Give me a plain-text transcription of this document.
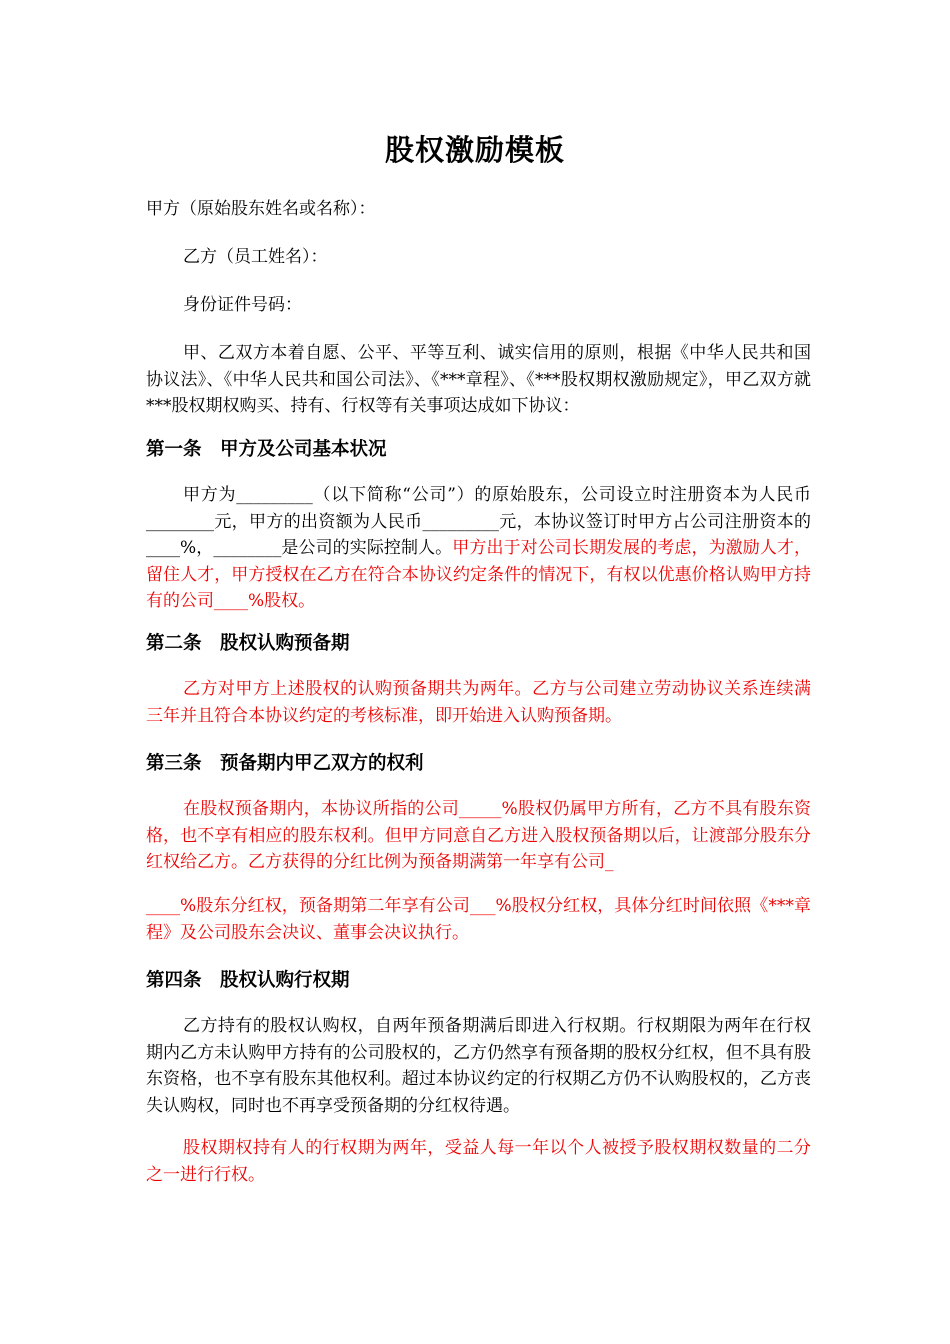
股权激励模板
甲方（原始股东姓名或名称）：
乙方（员工姓名）：
身份证件号码：
甲、乙双方本着自愿、公平、平等互利、诚实信用的原则，根据《中华人民共和国协议法》、《中华人民共和国公司法》、《***章程》、《***股权期权激励规定》，甲乙双方就***股权期权购买、持有、行权等有关事项达成如下协议：
第一条　甲方及公司基本状况
甲方为_________（以下简称“公司”）的原始股东，公司设立时注册资本为人民币________元，甲方的出资额为人民币_________元，本协议签订时甲方占公司注册资本的____%，________是公司的实际控制人。甲方出于对公司长期发展的考虑，为激励人才，留住人才，甲方授权在乙方在符合本协议约定条件的情况下，有权以优惠价格认购甲方持有的公司____%股权。
第二条　股权认购预备期
乙方对甲方上述股权的认购预备期共为两年。乙方与公司建立劳动协议关系连续满三年并且符合本协议约定的考核标准，即开始进入认购预备期。
第三条　预备期内甲乙双方的权利
在股权预备期内，本协议所指的公司_____%股权仍属甲方所有，乙方不具有股东资格，也不享有相应的股东权利。但甲方同意自乙方进入股权预备期以后，让渡部分股东分红权给乙方。乙方获得的分红比例为预备期满第一年享有公司_
____%股东分红权，预备期第二年享有公司___%股权分红权，具体分红时间依照《***章程》及公司股东会决议、董事会决议执行。
第四条　股权认购行权期
乙方持有的股权认购权，自两年预备期满后即进入行权期。行权期限为两年在行权期内乙方未认购甲方持有的公司股权的，乙方仍然享有预备期的股权分红权，但不具有股东资格，也不享有股东其他权利。超过本协议约定的行权期乙方仍不认购股权的，乙方丧失认购权，同时也不再享受预备期的分红权待遇。
股权期权持有人的行权期为两年，受益人每一年以个人被授予股权期权数量的二分之一进行行权。
